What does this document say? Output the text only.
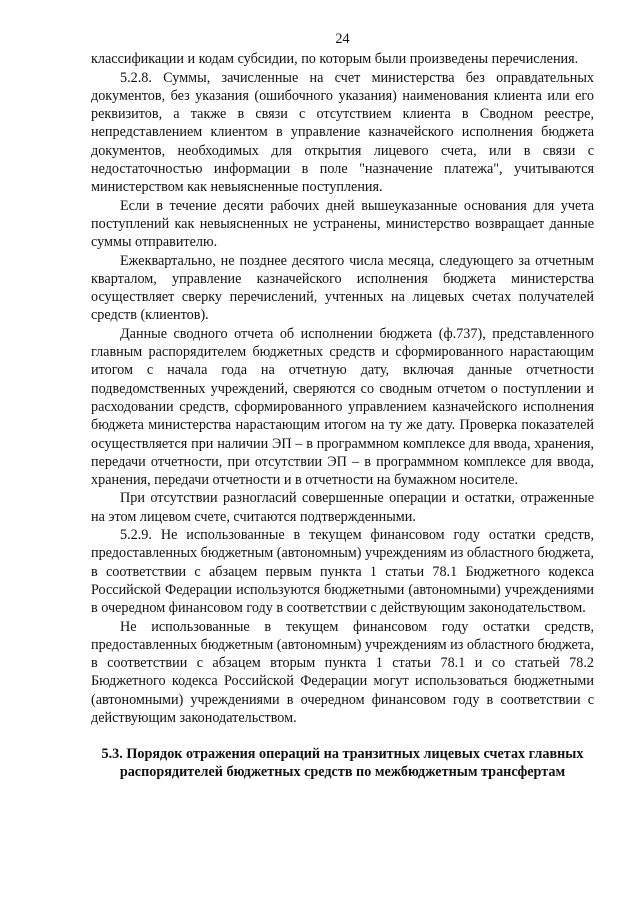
24

классификации и кодам субсидии, по которым были произведены перечисления.

5.2.8. Суммы, зачисленные на счет министерства без оправдательных документов, без указания (ошибочного указания) наименования клиента или его реквизитов, а также в связи с отсутствием клиента в Сводном реестре, непредставлением клиентом в управление казначейского исполнения бюджета документов, необходимых для открытия лицевого счета, или в связи с недостаточностью информации в поле "назначение платежа", учитываются министерством как невыясненные поступления.

Если в течение десяти рабочих дней вышеуказанные основания для учета поступлений как невыясненных не устранены, министерство возвращает данные суммы отправителю.

Ежеквартально, не позднее десятого числа месяца, следующего за отчетным кварталом, управление казначейского исполнения бюджета министерства осуществляет сверку перечислений, учтенных на лицевых счетах получателей средств (клиентов).

Данные сводного отчета об исполнении бюджета (ф.737), представленного главным распорядителем бюджетных средств и сформированного нарастающим итогом с начала года на отчетную дату, включая данные отчетности подведомственных учреждений, сверяются со сводным отчетом о поступлении и расходовании средств, сформированного управлением казначейского исполнения бюджета министерства нарастающим итогом на ту же дату. Проверка показателей осуществляется при наличии ЭП – в программном комплексе для ввода, хранения, передачи отчетности, при отсутствии ЭП – в программном комплексе для ввода, хранения, передачи отчетности и в отчетности на бумажном носителе.

При отсутствии разногласий совершенные операции и остатки, отраженные на этом лицевом счете, считаются подтвержденными.

5.2.9. Не использованные в текущем финансовом году остатки средств, предоставленных бюджетным (автономным) учреждениям из областного бюджета, в соответствии с абзацем первым пункта 1 статьи 78.1 Бюджетного кодекса Российской Федерации используются бюджетными (автономными) учреждениями в очередном финансовом году в соответствии с действующим законодательством.

Не использованные в текущем финансовом году остатки средств, предоставленных бюджетным (автономным) учреждениям из областного бюджета, в соответствии с абзацем вторым пункта 1 статьи 78.1 и со статьей 78.2 Бюджетного кодекса Российской Федерации могут использоваться бюджетными (автономными) учреждениями в очередном финансовом году в соответствии с действующим законодательством.

5.3. Порядок отражения операций на транзитных лицевых счетах главных распорядителей бюджетных средств по межбюджетным трансфертам
